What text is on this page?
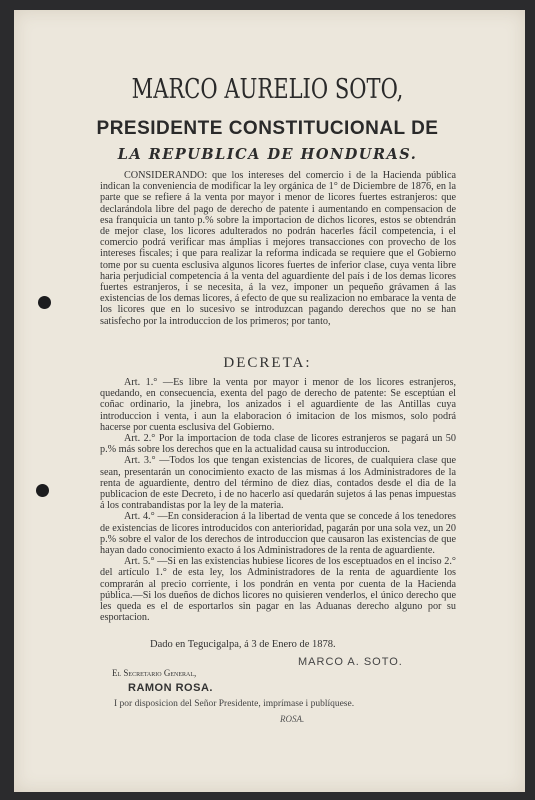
MARCO AURELIO SOTO,
PRESIDENTE CONSTITUCIONAL DE
LA REPUBLICA DE HONDURAS.

CONSIDERANDO: que los intereses del comercio i de la Hacienda pública indican la conveniencia de modificar la ley orgánica de 1° de Diciembre de 1876, en la parte que se refiere á la venta por mayor i menor de licores fuertes estranjeros: que declarándola libre del pago de derecho de patente i aumentando en compensacion de esa franquicia un tanto p.% sobre la importacion de dichos licores, estos se obtendrán de mejor clase, los licores adulterados no podrán hacerles fácil competencia, i el comercio podrá verificar mas ámplias i mejores transacciones con provecho de los intereses fiscales; i que para realizar la reforma indicada se requiere que el Gobierno tome por su cuenta esclusiva algunos licores fuertes de inferior clase, cuya venta libre haria perjudicial competencia á la venta del aguardiente del país i de los demas licores fuertes estranjeros, i se necesita, á la vez, imponer un pequeño grávamen á las existencias de los demas licores, á efecto de que su realizacion no embarace la venta de los licores que en lo sucesivo se introduzcan pagando derechos que no se han satisfecho por la introduccion de los primeros; por tanto,

DECRETA:

Art. 1.° —Es libre la venta por mayor i menor de los licores estranjeros, quedando, en consecuencia, exenta del pago de derecho de patente: Se esceptúan el coñac ordinario, la jinebra, los anizados i el aguardiente de las Antillas cuya introduccion i venta, i aun la elaboracion ó imitacion de los mismos, solo podrá hacerse por cuenta esclusiva del Gobierno.

Art. 2.° Por la importacion de toda clase de licores estranjeros se pagará un 50 p.% más sobre los derechos que en la actualidad causa su introduccion.

Art. 3.° —Todos los que tengan existencias de licores, de cualquiera clase que sean, presentarán un conocimiento exacto de las mismas á los Administradores de la renta de aguardiente, dentro del término de diez dias, contados desde el dia de la publicacion de este Decreto, i de no hacerlo así quedarán sujetos á las penas impuestas á los contrabandistas por la ley de la materia.

Art. 4.° —En consideracion á la libertad de venta que se concede á los tenedores de existencias de licores introducidos con anterioridad, pagarán por una sola vez, un 20 p.% sobre el valor de los derechos de introduccion que causaron las existencias de que hayan dado conocimiento exacto á los Administradores de la renta de aguardiente.

Art. 5.° —Si en las existencias hubiese licores de los esceptuados en el inciso 2.° del artículo 1.° de esta ley, los Administradores de la renta de aguardiente los comprarán al precio corriente, i los pondrán en venta por cuenta de la Hacienda pública.—Si los dueños de dichos licores no quisieren venderlos, el único derecho que les queda es el de esportarlos sin pagar en las Aduanas derecho alguno por su esportacion.

Dado en Tegucigalpa, á 3 de Enero de 1878.
MARCO A. SOTO.
El Secretario General,
RAMON ROSA.
I por disposicion del Señor Presidente, imprímase i publíquese.
ROSA.
